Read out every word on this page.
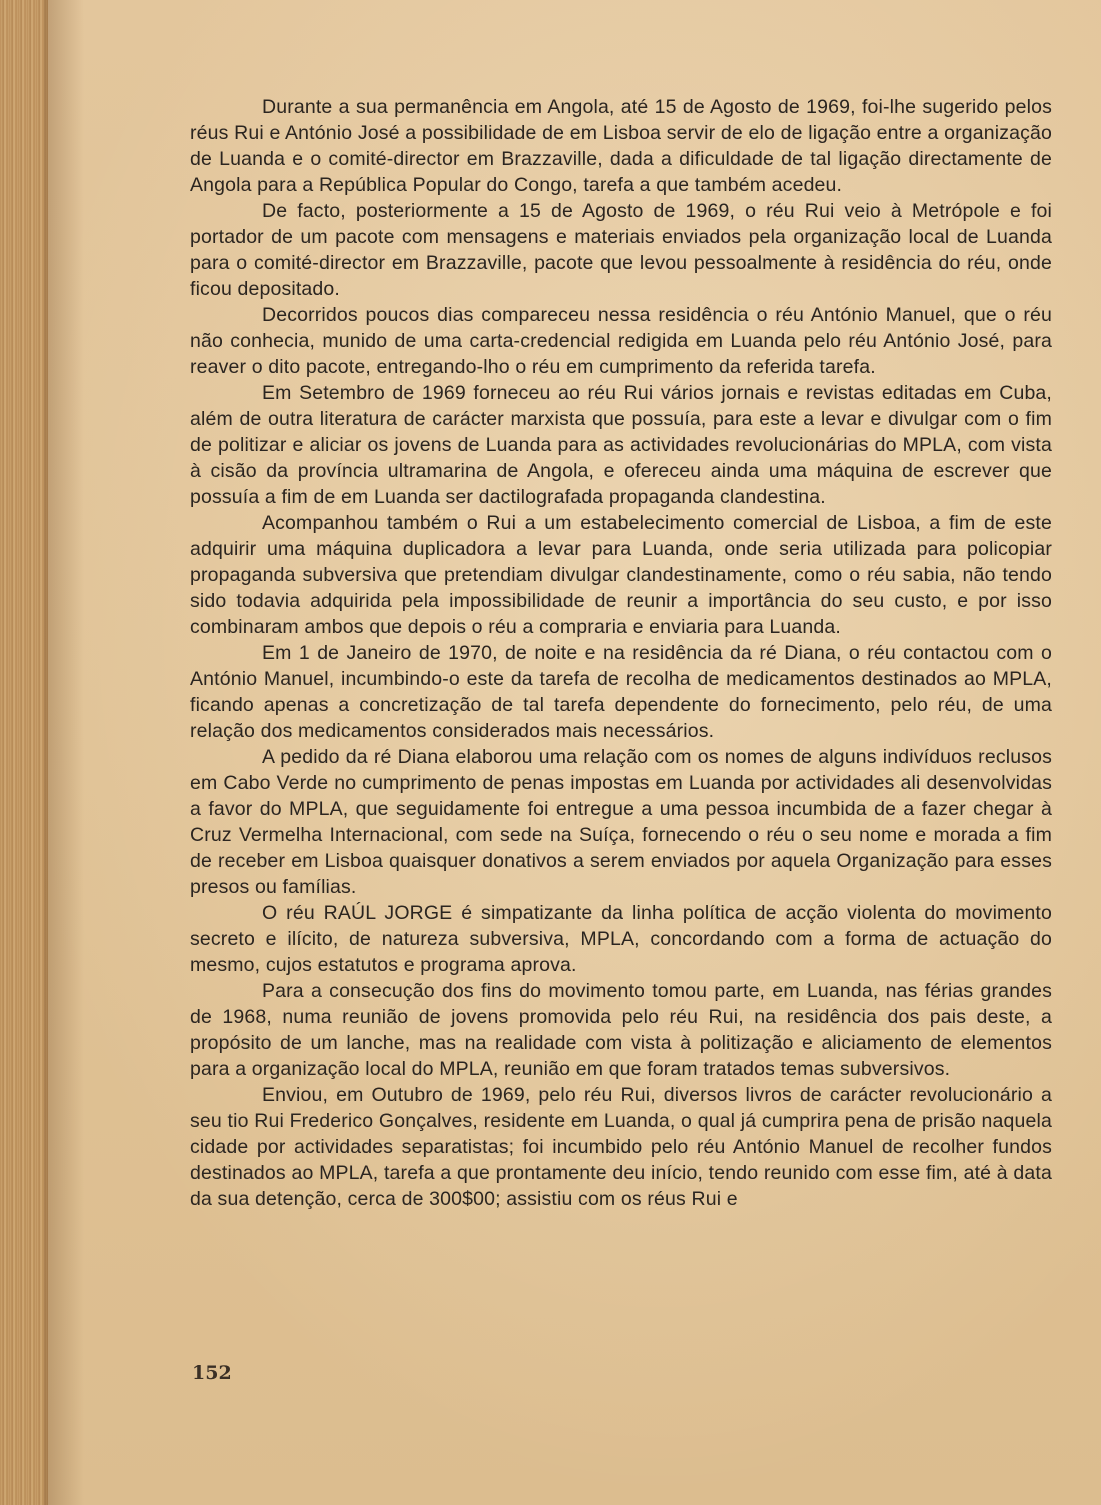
Durante a sua permanência em Angola, até 15 de Agosto de 1969, foi-lhe sugerido pelos réus Rui e António José a possibilidade de em Lisboa servir de elo de ligação entre a organização de Luanda e o comité-director em Brazzaville, dada a dificuldade de tal ligação directamente de Angola para a República Popular do Congo, tarefa a que também acedeu.

De facto, posteriormente a 15 de Agosto de 1969, o réu Rui veio à Metrópole e foi portador de um pacote com mensagens e materiais enviados pela organização local de Luanda para o comité-director em Brazzaville, pacote que levou pessoalmente à residência do réu, onde ficou depositado.

Decorridos poucos dias compareceu nessa residência o réu António Manuel, que o réu não conhecia, munido de uma carta-credencial redigida em Luanda pelo réu António José, para reaver o dito pacote, entregando-lho o réu em cumprimento da referida tarefa.

Em Setembro de 1969 forneceu ao réu Rui vários jornais e revistas editadas em Cuba, além de outra literatura de carácter marxista que possuía, para este a levar e divulgar com o fim de politizar e aliciar os jovens de Luanda para as actividades revolucionárias do MPLA, com vista à cisão da província ultramarina de Angola, e ofereceu ainda uma máquina de escrever que possuía a fim de em Luanda ser dactilografada propaganda clandestina.

Acompanhou também o Rui a um estabelecimento comercial de Lisboa, a fim de este adquirir uma máquina duplicadora a levar para Luanda, onde seria utilizada para policopiar propaganda subversiva que pretendiam divulgar clandestinamente, como o réu sabia, não tendo sido todavia adquirida pela impossibilidade de reunir a importância do seu custo, e por isso combinaram ambos que depois o réu a compraria e enviaria para Luanda.

Em 1 de Janeiro de 1970, de noite e na residência da ré Diana, o réu contactou com o António Manuel, incumbindo-o este da tarefa de recolha de medicamentos destinados ao MPLA, ficando apenas a concretização de tal tarefa dependente do fornecimento, pelo réu, de uma relação dos medicamentos considerados mais necessários.

A pedido da ré Diana elaborou uma relação com os nomes de alguns indivíduos reclusos em Cabo Verde no cumprimento de penas impostas em Luanda por actividades ali desenvolvidas a favor do MPLA, que seguidamente foi entregue a uma pessoa incumbida de a fazer chegar à Cruz Vermelha Internacional, com sede na Suíça, fornecendo o réu o seu nome e morada a fim de receber em Lisboa quaisquer donativos a serem enviados por aquela Organização para esses presos ou famílias.

O réu RAÚL JORGE é simpatizante da linha política de acção violenta do movimento secreto e ilícito, de natureza subversiva, MPLA, concordando com a forma de actuação do mesmo, cujos estatutos e programa aprova.

Para a consecução dos fins do movimento tomou parte, em Luanda, nas férias grandes de 1968, numa reunião de jovens promovida pelo réu Rui, na residência dos pais deste, a propósito de um lanche, mas na realidade com vista à politização e aliciamento de elementos para a organização local do MPLA, reunião em que foram tratados temas subversivos.

Enviou, em Outubro de 1969, pelo réu Rui, diversos livros de carácter revolucionário a seu tio Rui Frederico Gonçalves, residente em Luanda, o qual já cumprira pena de prisão naquela cidade por actividades separatistas; foi incumbido pelo réu António Manuel de recolher fundos destinados ao MPLA, tarefa a que prontamente deu início, tendo reunido com esse fim, até à data da sua detenção, cerca de 300$00; assistiu com os réus Rui e

152
